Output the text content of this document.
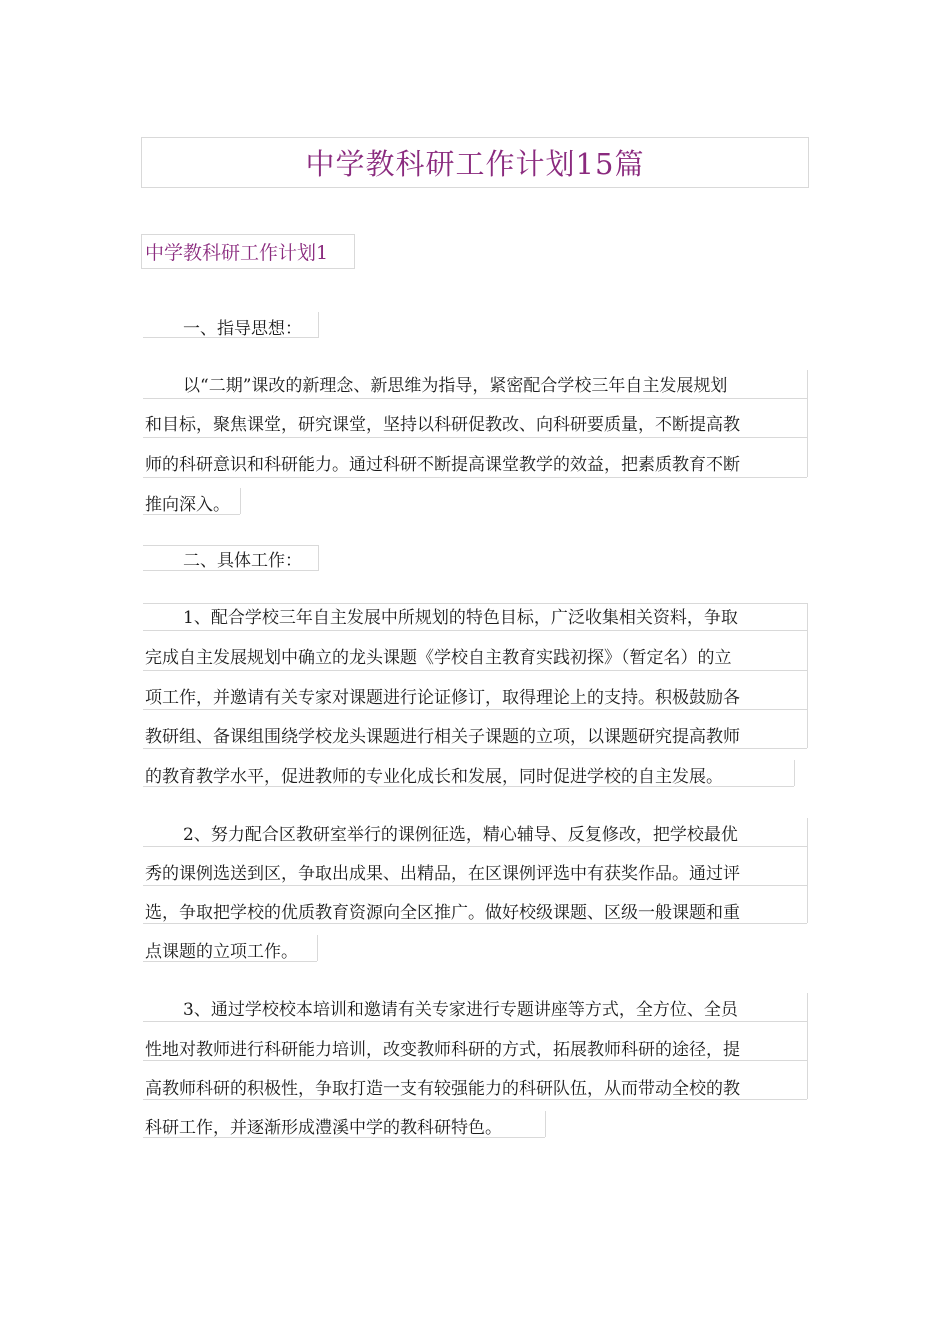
中学教科研工作计划15篇
中学教科研工作计划1
一、指导思想：
以“二期”课改的新理念、新思维为指导，紧密配合学校三年自主发展规划
和目标，聚焦课堂，研究课堂，坚持以科研促教改、向科研要质量，不断提高教
师的科研意识和科研能力。通过科研不断提高课堂教学的效益，把素质教育不断
推向深入。
二、具体工作：
1、配合学校三年自主发展中所规划的特色目标，广泛收集相关资料，争取
完成自主发展规划中确立的龙头课题《学校自主教育实践初探》（暂定名）的立
项工作，并邀请有关专家对课题进行论证修订，取得理论上的支持。积极鼓励各
教研组、备课组围绕学校龙头课题进行相关子课题的立项，以课题研究提高教师
的教育教学水平，促进教师的专业化成长和发展，同时促进学校的自主发展。
2、努力配合区教研室举行的课例征选，精心辅导、反复修改，把学校最优
秀的课例选送到区，争取出成果、出精品，在区课例评选中有获奖作品。通过评
选，争取把学校的优质教育资源向全区推广。做好校级课题、区级一般课题和重
点课题的立项工作。
3、通过学校校本培训和邀请有关专家进行专题讲座等方式，全方位、全员
性地对教师进行科研能力培训，改变教师科研的方式，拓展教师科研的途径，提
高教师科研的积极性，争取打造一支有较强能力的科研队伍，从而带动全校的教
科研工作，并逐渐形成澧溪中学的教科研特色。
